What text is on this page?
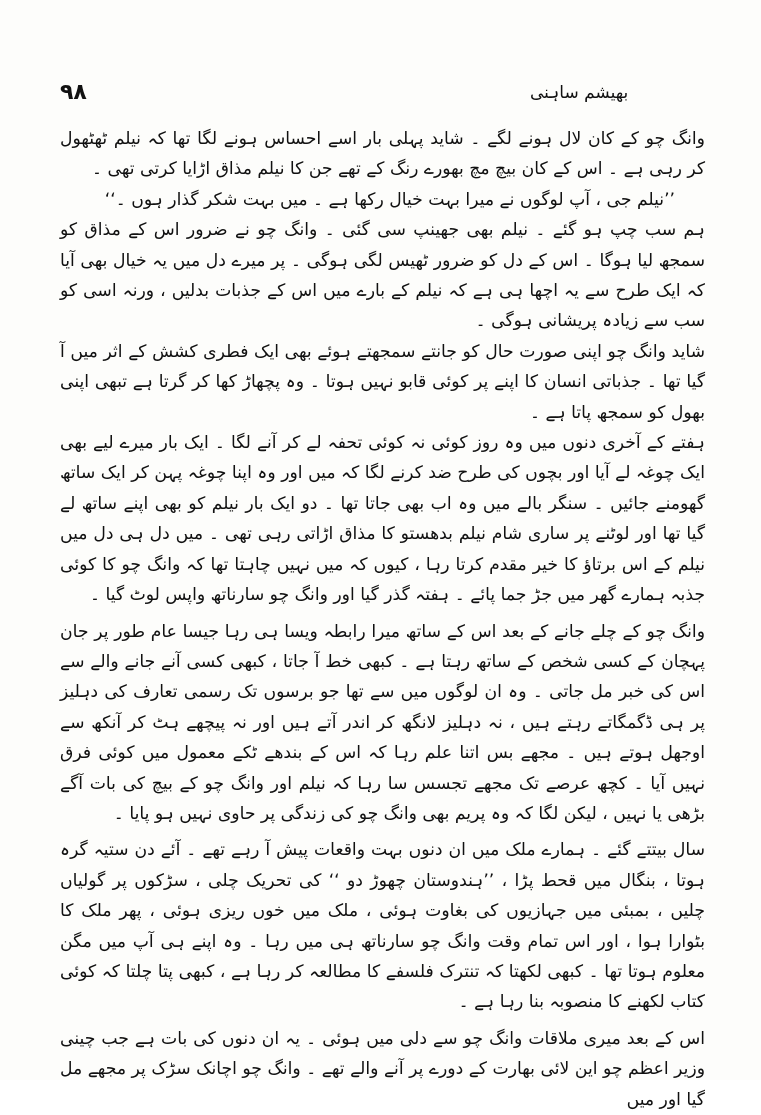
۹۸	بھیشم ساہنی

وانگ چو کے کان لال ہونے لگے ۔ شاید پہلی بار اسے احساس ہونے لگا تھا کہ نیلم ٹھٹھول کر رہی ہے ۔ اس کے کان بیچ مچ بھورے رنگ کے تھے جن کا نیلم مذاق اڑایا کرتی تھی ۔

’’نیلم جی ، آپ لوگوں نے میرا بہت خیال رکھا ہے ۔ میں بہت شکر گذار ہوں ۔‘‘

ہم سب چپ ہو گئے ۔ نیلم بھی جھینپ سی گئی ۔ وانگ چو نے ضرور اس کے مذاق کو سمجھ لیا ہوگا ۔ اس کے دل کو ضرور ٹھیس لگی ہوگی ۔ پر میرے دل میں یہ خیال بھی آیا کہ ایک طرح سے یہ اچھا ہی ہے کہ نیلم کے بارے میں اس کے جذبات بدلیں ، ورنہ اسی کو سب سے زیادہ پریشانی ہوگی ۔

شاید وانگ چو اپنی صورت حال کو جانتے سمجھتے ہوئے بھی ایک فطری کشش کے اثر میں آ گیا تھا ۔ جذباتی انسان کا اپنے پر کوئی قابو نہیں ہوتا ۔ وہ پچھاڑ کھا کر گرتا ہے تبھی اپنی بھول کو سمجھ پاتا ہے ۔

ہفتے کے آخری دنوں میں وہ روز کوئی نہ کوئی تحفہ لے کر آنے لگا ۔ ایک بار میرے لیے بھی ایک چوغہ لے آیا اور بچوں کی طرح ضد کرنے لگا کہ میں اور وہ اپنا چوغہ پہن کر ایک ساتھ گھومنے جائیں ۔ سنگر بالے میں وہ اب بھی جاتا تھا ۔ دو ایک بار نیلم کو بھی اپنے ساتھ لے گیا تھا اور لوٹنے پر ساری شام نیلم بدھستو کا مذاق اڑاتی رہی تھی ۔ میں دل ہی دل میں نیلم کے اس برتاؤ کا خیر مقدم کرتا رہا ، کیوں کہ میں نہیں چاہتا تھا کہ وانگ چو کا کوئی جذبہ ہمارے گھر میں جڑ جما پائے ۔ ہفتہ گذر گیا اور وانگ چو سارناتھ واپس لوٹ گیا ۔

وانگ چو کے چلے جانے کے بعد اس کے ساتھ میرا رابطہ ویسا ہی رہا جیسا عام طور پر جان پہچان کے کسی شخص کے ساتھ رہتا ہے ۔ کبھی خط آ جاتا ، کبھی کسی آنے جانے والے سے اس کی خبر مل جاتی ۔ وہ ان لوگوں میں سے تھا جو برسوں تک رسمی تعارف کی دہلیز پر ہی ڈگمگاتے رہتے ہیں ، نہ دہلیز لانگھ کر اندر آتے ہیں اور نہ پیچھے ہٹ کر آنکھ سے اوجھل ہوتے ہیں ۔ مجھے بس اتنا علم رہا کہ اس کے بندھے ٹکے معمول میں کوئی فرق نہیں آیا ۔ کچھ عرصے تک مجھے تجسس سا رہا کہ نیلم اور وانگ چو کے بیچ کی بات آگے بڑھی یا نہیں ، لیکن لگا کہ وہ پریم بھی وانگ چو کی زندگی پر حاوی نہیں ہو پایا ۔

سال بیتتے گئے ۔ ہمارے ملک میں ان دنوں بہت واقعات پیش آ رہے تھے ۔ آئے دن ستیہ گرہ ہوتا ، بنگال میں قحط پڑا ، ’’ہندوستان چھوڑ دو ‘‘ کی تحریک چلی ، سڑکوں پر گولیاں چلیں ، بمبئی میں جہازیوں کی بغاوت ہوئی ، ملک میں خوں ریزی ہوئی ، پھر ملک کا بٹوارا ہوا ، اور اس تمام وقت وانگ چو سارناتھ ہی میں رہا ۔ وہ اپنے ہی آپ میں مگن معلوم ہوتا تھا ۔ کبھی لکھتا کہ تنترک فلسفے کا مطالعہ کر رہا ہے ، کبھی پتا چلتا کہ کوئی کتاب لکھنے کا منصوبہ بنا رہا ہے ۔

اس کے بعد میری ملاقات وانگ چو سے دلی میں ہوئی ۔ یہ ان دنوں کی بات ہے جب چینی وزیر اعظم چو این لائی بھارت کے دورے پر آنے والے تھے ۔ وانگ چو اچانک سڑک پر مجھے مل گیا اور میں
